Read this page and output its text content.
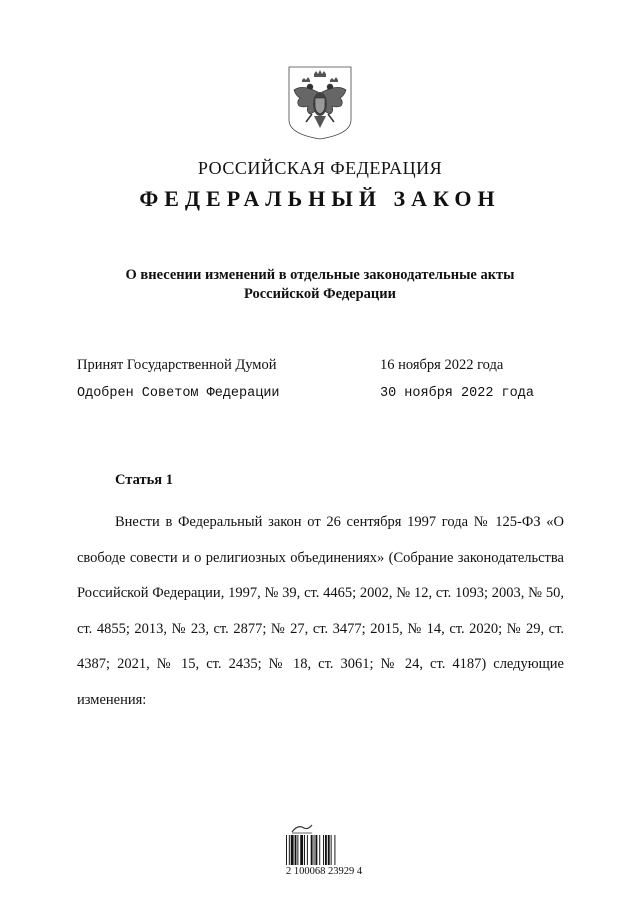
РОССИЙСКАЯ ФЕДЕРАЦИЯ
ФЕДЕРАЛЬНЫЙ ЗАКОН
О внесении изменений в отдельные законодательные акты
Российской Федерации
Принят Государственной Думой	16 ноября 2022 года
Одобрен Советом Федерации	30 ноября 2022 года
Статья 1
Внести в Федеральный закон от 26 сентября 1997 года № 125-ФЗ «О свободе совести и о религиозных объединениях» (Собрание законодательства Российской Федерации, 1997, № 39, ст. 4465; 2002, № 12, ст. 1093; 2003, № 50, ст. 4855; 2013, № 23, ст. 2877; № 27, ст. 3477; 2015, № 14, ст. 2020; № 29, ст. 4387; 2021, № 15, ст. 2435; № 18, ст. 3061; № 24, ст. 4187) следующие изменения:
2 100068 23929 4
